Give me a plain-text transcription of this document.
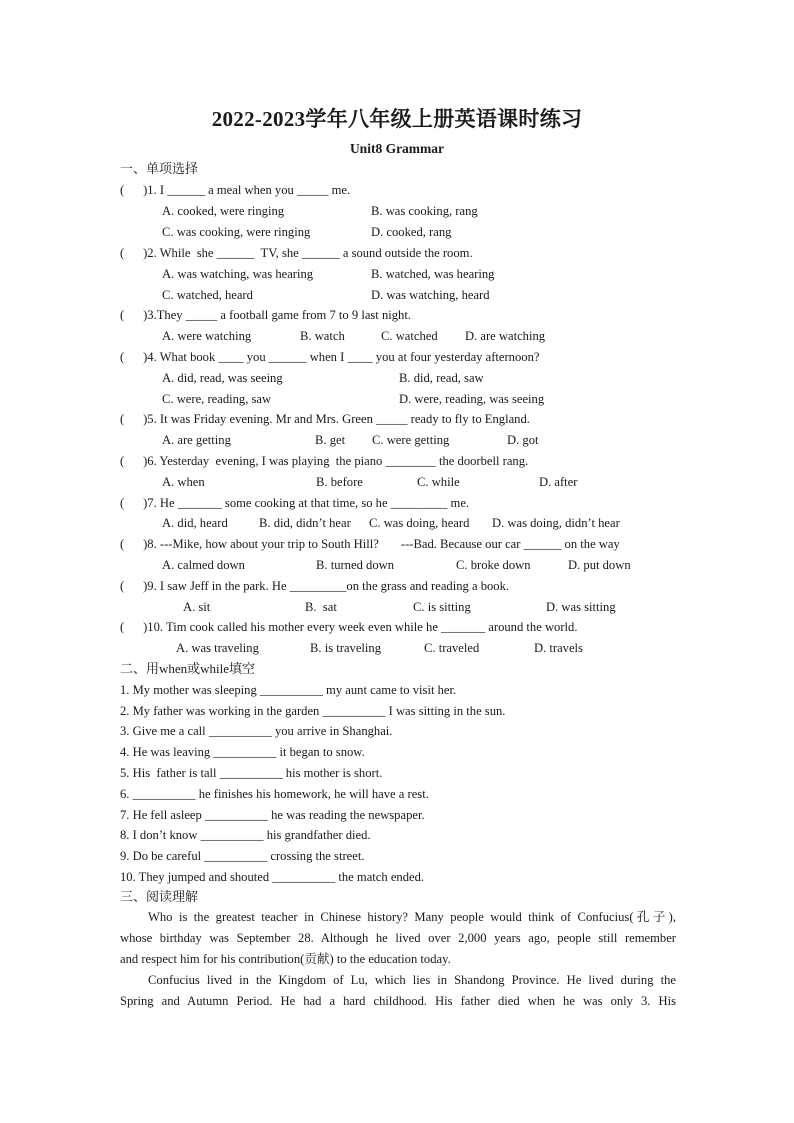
2022-2023学年八年级上册英语课时练习
Unit8 Grammar
一、单项选择
(      )1. I ______ a meal when you _____ me.
A. cooked, were ringing	B. was cooking, rang
C. was cooking, were ringing	D. cooked, rang
(      )2. While  she ______  TV, she ______ a sound outside the room.
A. was watching, was hearing	B. watched, was hearing
C. watched, heard	D. was watching, heard
(      )3.They _____ a football game from 7 to 9 last night.
A. were watching	B. watch	C. watched D. are watching
(      )4. What book ____ you ______ when I ____ you at four yesterday afternoon?
A. did, read, was seeing	B. did, read, saw
C. were, reading, saw	D. were, reading, was seeing
(      )5. It was Friday evening. Mr and Mrs. Green _____ ready to fly to England.
A. are getting	B. get C. were getting	D. got
(      )6. Yesterday  evening, I was playing  the piano ________ the doorbell rang.
A. when	B. before	C. while	D. after
(      )7. He _______ some cooking at that time, so he _________ me.
A. did, heard B. did, didn’t hear C. was doing, heard D. was doing, didn’t hear
(      )8. ---Mike, how about your trip to South Hill?       ---Bad. Because our car ______ on the way
A. calmed down	B. turned down	C. broke down	D. put down
(      )9. I saw Jeff in the park. He _________on the grass and reading a book.
A. sit	B.  sat	C. is sitting	D. was sitting
(      )10. Tim cook called his mother every week even while he _______ around the world.
A. was traveling	B. is traveling	C. traveled	D. travels
二、用when或while填空
1. My mother was sleeping __________ my aunt came to visit her.
2. My father was working in the garden __________ I was sitting in the sun.
3. Give me a call __________ you arrive in Shanghai.
4. He was leaving __________ it began to snow.
5. His  father is tall __________ his mother is short.
6. __________ he finishes his homework, he will have a rest.
7. He fell asleep __________ he was reading the newspaper.
8. I don’t know __________ his grandfather died.
9. Do be careful __________ crossing the street.
10. They jumped and shouted __________ the match ended.
三、阅读理解
Who is the greatest teacher in Chinese history? Many people would think of Confucius(孔子),
whose birthday was September 28. Although he lived over 2,000 years ago, people still remember
and respect him for his contribution(贡献) to the education today.
Confucius lived in the Kingdom of Lu, which lies in Shandong Province. He lived during the
Spring and Autumn Period. He had a hard childhood. His father died when he was only 3. His
